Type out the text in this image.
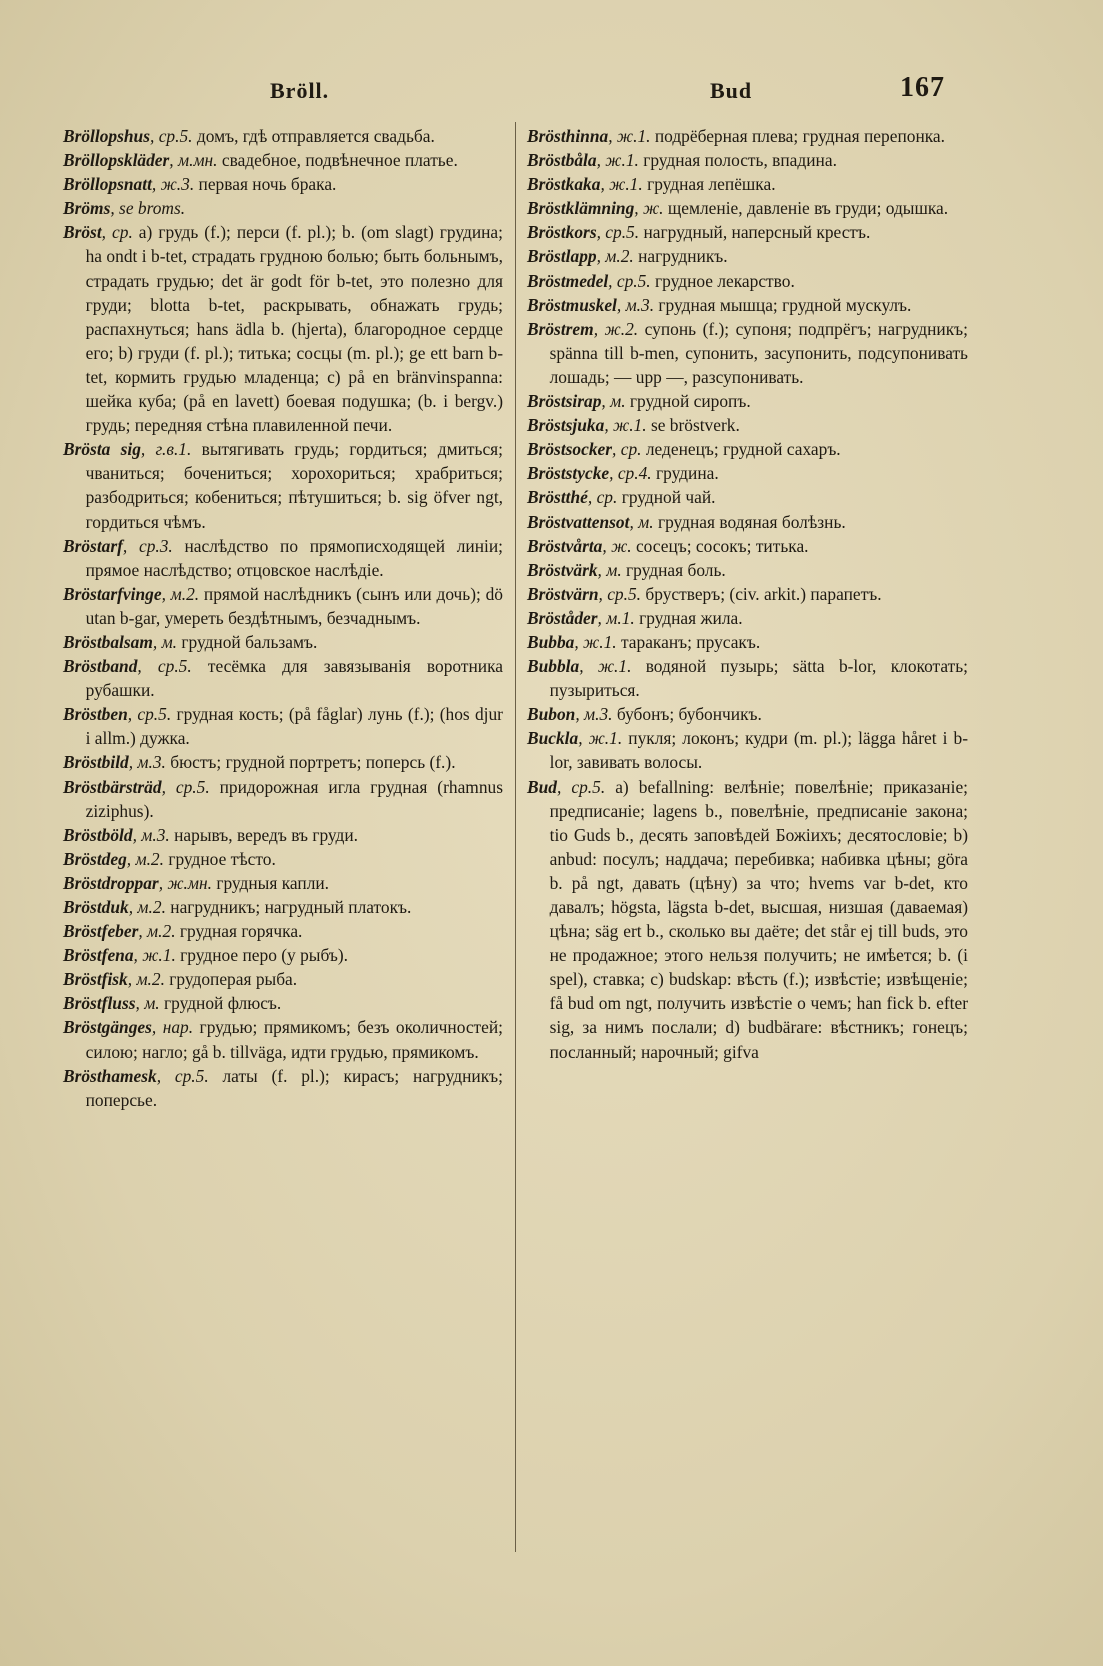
Bröll.	Bud	167

Bröllopshus, ср.5. домъ, гдѣ отправляется свадьба.

Bröllopskläder, м.мн. свадебное, подвѣнечное платье.

Bröllopsnatt, ж.3. первая ночь брака.

Bröms, se broms.

Bröst, ср. a) грудь (f.); перси (f. pl.); b. (om slagt) грудина; ha ondt i b-tet, страдать грудною болью; быть больнымъ, страдать грудью; det är godt för b-tet, это полезно для груди; blotta b-tet, раскрывать, обнажать грудь; распахнуться; hans ädla b. (hjerta), благородное сердце его; b) груди (f. pl.); титька; сосцы (m. pl.); ge ett barn b-tet, кормить грудью младенца; c) på en bränvinspanna: шейка куба; (på en lavett) боевая подушка; (b. i bergv.) грудь; передняя стѣна плавиленной печи.

Brösta sig, г.в.1. вытягивать грудь; гордиться; дмиться; чваниться; бочениться; хорохориться; храбриться; разбодриться; кобениться; пѣтушиться; b. sig öfver ngt, гордиться чѣмъ.

Bröstarf, ср.3. наслѣдство по прямописходящей линіи; прямое наслѣдство; отцовское наслѣдіе.

Bröstarfvinge, м.2. прямой наслѣдникъ (сынъ или дочь); dö utan b-gar, умереть бездѣтнымъ, безчаднымъ.

Bröstbalsam, м. грудной бальзамъ.

Bröstband, ср.5. тесёмка для завязыванія воротника рубашки.

Bröstben, ср.5. грудная кость; (på fåglar) лунь (f.); (hos djur i allm.) дужка.

Bröstbild, м.3. бюстъ; грудной портретъ; поперсь (f.).

Bröstbärsträd, ср.5. придорожная игла грудная (rhamnus ziziphus).

Bröstböld, м.3. нарывъ, вередъ въ груди.

Bröstdeg, м.2. грудное тѣсто.

Bröstdroppar, ж.мн. грудныя капли.

Bröstduk, м.2. нагрудникъ; нагрудный платокъ.

Bröstfeber, м.2. грудная горячка.

Bröstfena, ж.1. грудное перо (у рыбъ).

Bröstfisk, м.2. грудоперая рыба.

Bröstfluss, м. грудной флюсъ.

Bröstgänges, нар. грудью; прямикомъ; безъ околичностей; силою; нагло; gå b. tillväga, идти грудью, прямикомъ.

Brösthamesk, ср.5. латы (f. pl.); кирасъ; нагрудникъ; поперсье.

Brösthinna, ж.1. подрёберная плева; грудная перепонка.

Bröstbåla, ж.1. грудная полость, впадина.

Bröstkaka, ж.1. грудная лепёшка.

Bröstklämning, ж. щемленіе, давленіе въ груди; одышка.

Bröstkors, ср.5. нагрудный, наперсный крестъ.

Bröstlapp, м.2. нагрудникъ.

Bröstmedel, ср.5. грудное лекарство.

Bröstmuskel, м.3. грудная мышца; грудной мускулъ.

Bröstrem, ж.2. супонь (f.); супоня; подпрёгъ; нагрудникъ; spänna till b-men, супонить, засупонить, подсупонивать лошадь; — upp —, разсупонивать.

Bröstsirap, м. грудной сиропъ.

Bröstsjuka, ж.1. se bröstverk.

Bröstsocker, ср. леденецъ; грудной сахаръ.

Bröststycke, ср.4. грудина.

Bröstthé, ср. грудной чай.

Bröstvattensot, м. грудная водяная болѣзнь.

Bröstvårta, ж. сосецъ; сосокъ; титька.

Bröstvärk, м. грудная боль.

Bröstvärn, ср.5. брустверъ; (civ. arkit.) парапетъ.

Bröståder, м.1. грудная жила.

Bubba, ж.1. тараканъ; прусакъ.

Bubbla, ж.1. водяной пузырь; sätta b-lor, клокотать; пузыриться.

Bubon, м.3. бубонъ; бубончикъ.

Buckla, ж.1. пукля; локонъ; кудри (m. pl.); lägga håret i b-lor, завивать волосы.

Bud, ср.5. a) befallning: велѣніе; повелѣніе; приказаніе; предписаніе; lagens b., повелѣніе, предписаніе закона; tio Guds b., десять заповѣдей Божіихъ; десятословіе; b) anbud: посулъ; наддача; перебивка; набивка цѣны; göra b. på ngt, давать (цѣну) за что; hvems var b-det, кто давалъ; högsta, lägsta b-det, высшая, низшая (даваемая) цѣна; säg ert b., сколько вы даёте; det står ej till buds, это не продажное; этого нельзя получить; не имѣется; b. (i spel), ставка; c) budskap: вѣсть (f.); извѣстіе; извѣщеніе; få bud om ngt, получить извѣстіе о чемъ; han fick b. efter sig, за нимъ послали; d) budbärare: вѣстникъ; гонецъ; посланный; нарочный; gifva
